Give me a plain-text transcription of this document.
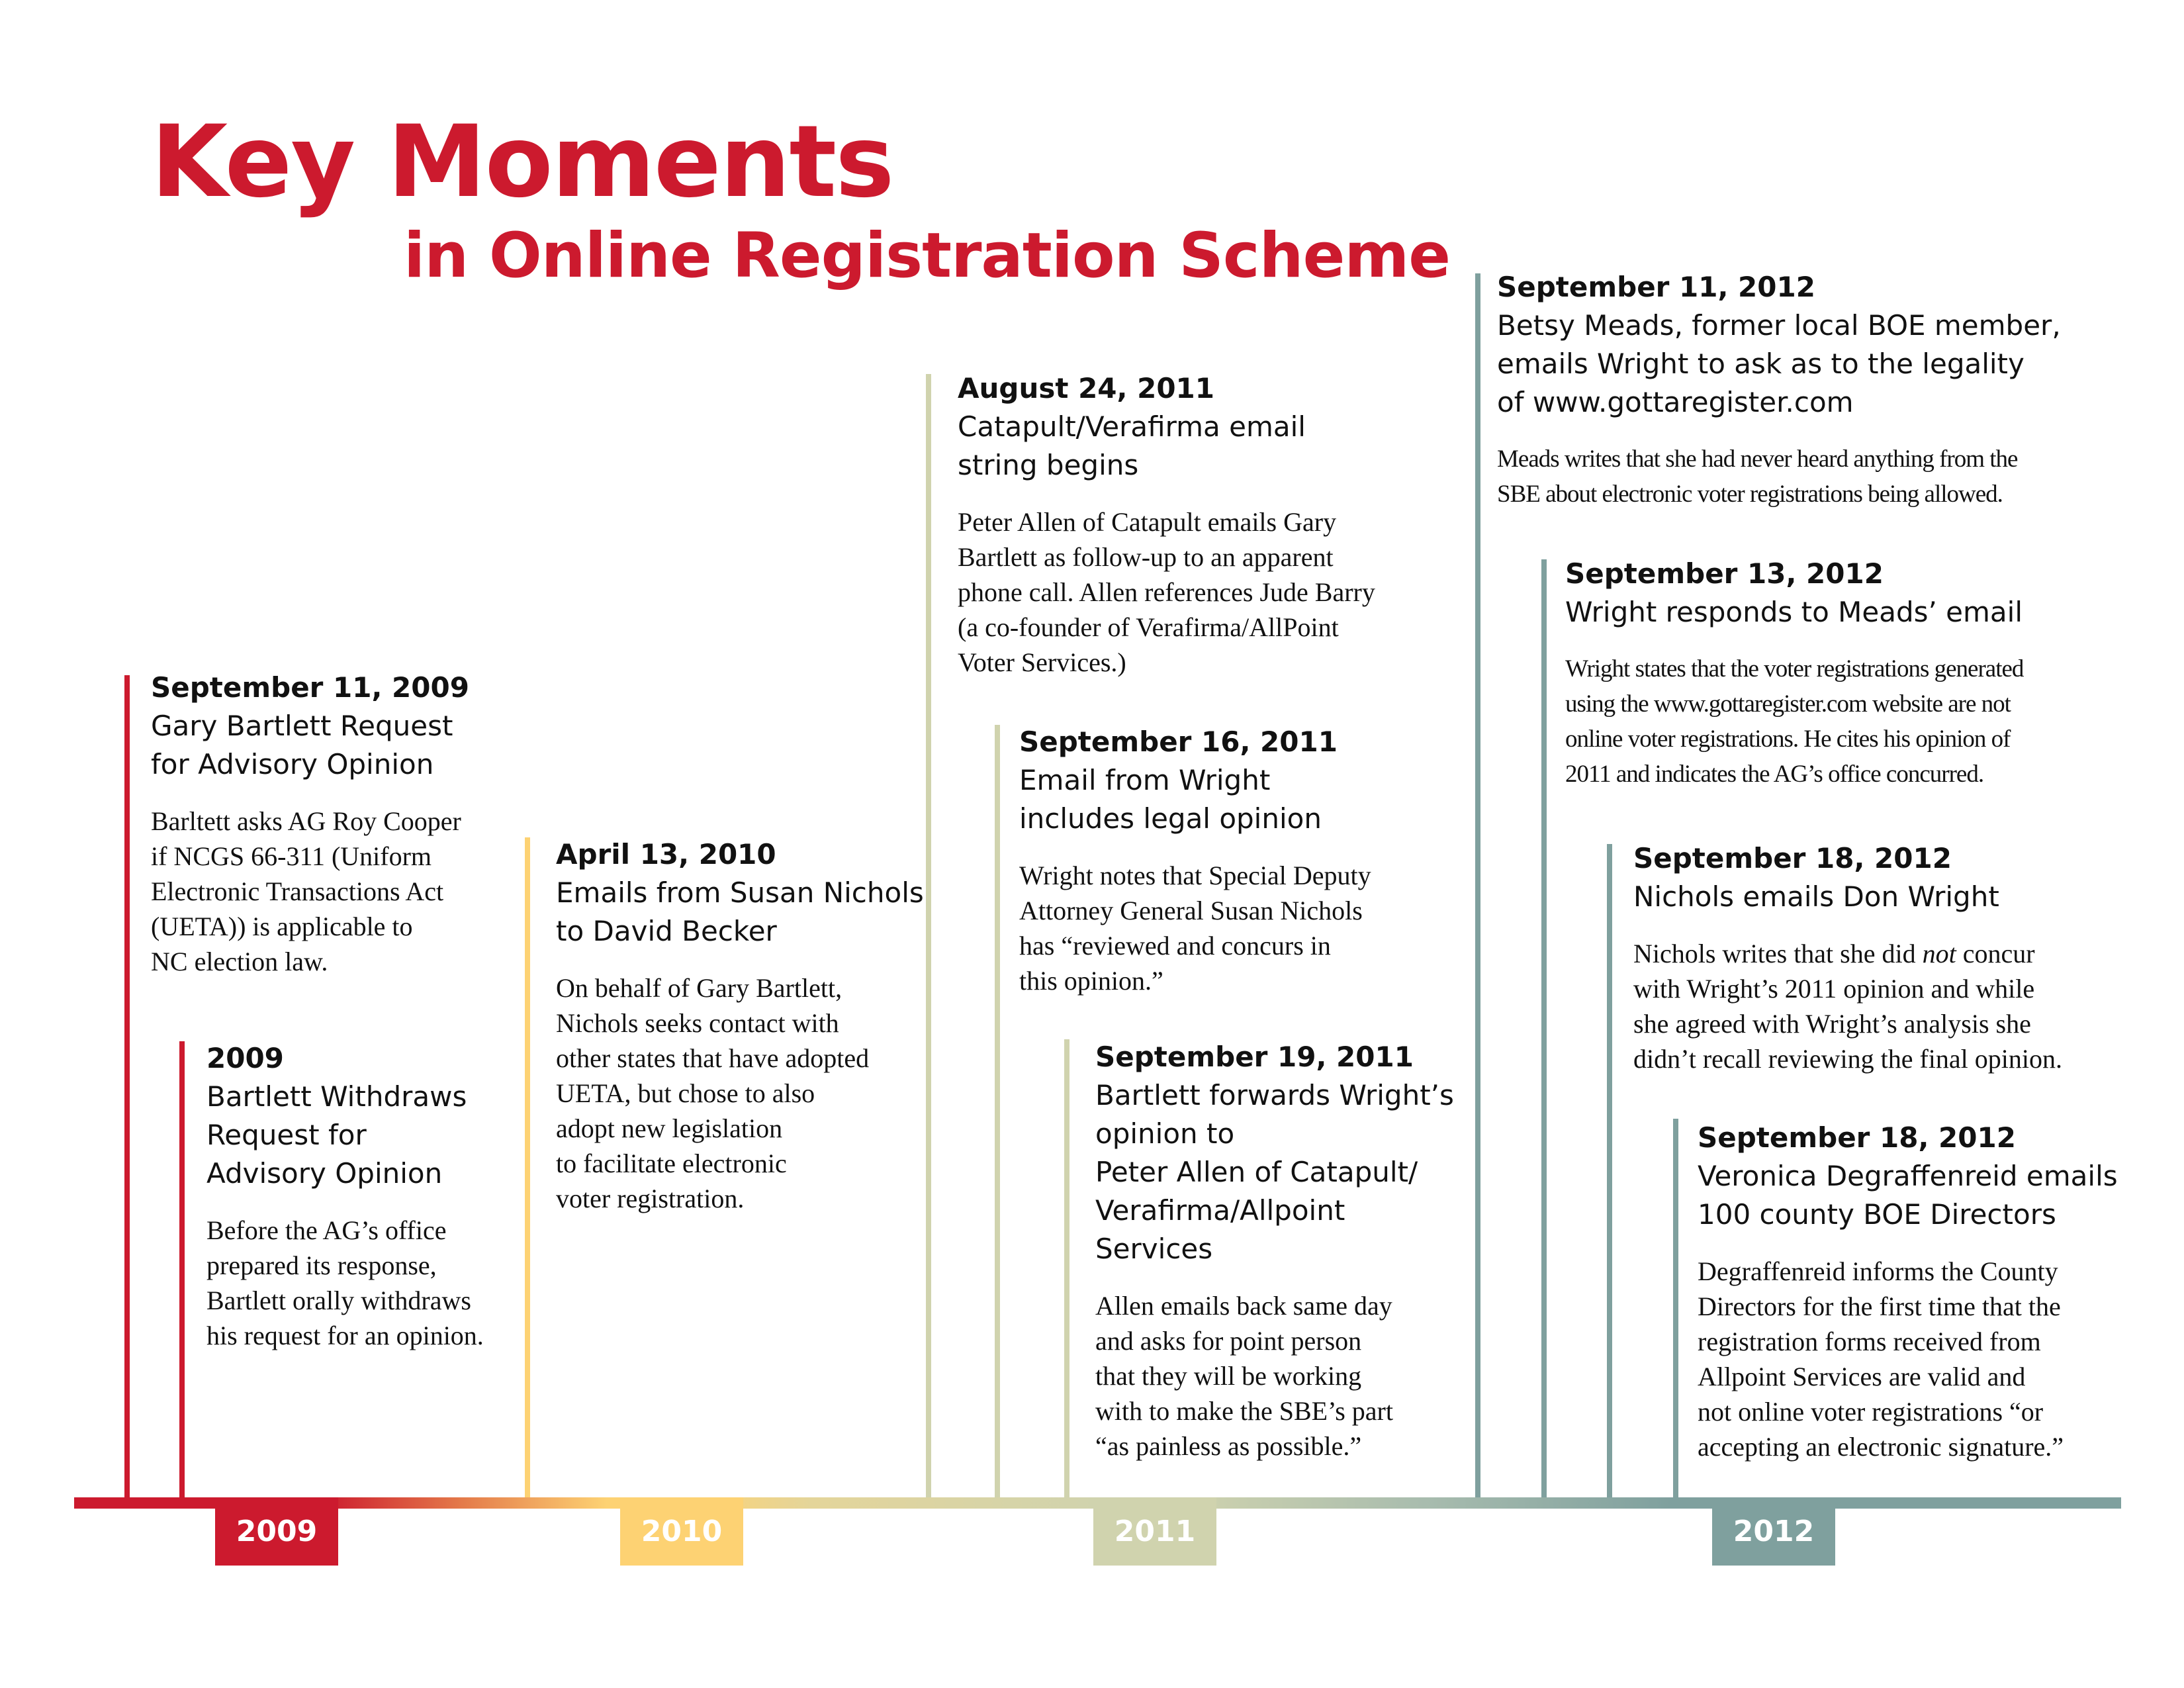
Key Moments
in Online Registration Scheme
September 11, 2009
Gary Bartlett Request
for Advisory Opinion
Barltett asks AG Roy Cooper
if NCGS 66-311 (Uniform
Electronic Transactions Act
(UETA)) is applicable to
NC election law.
2009
Bartlett Withdraws
Request for
Advisory Opinion
Before the AG’s office
prepared its response,
Bartlett orally withdraws
his request for an opinion.
April 13, 2010
Emails from Susan Nichols
to David Becker
On behalf of Gary Bartlett,
Nichols seeks contact with
other states that have adopted
UETA, but chose to also
adopt new legislation
to facilitate electronic
voter registration.
August 24, 2011
Catapult/Verafirma email
string begins
Peter Allen of Catapult emails Gary
Bartlett as follow-up to an apparent
phone call. Allen references Jude Barry
(a co-founder of Verafirma/AllPoint
Voter Services.)
September 16, 2011
Email from Wright
includes legal opinion
Wright notes that Special Deputy
Attorney General Susan Nichols
has “reviewed and concurs in
this opinion.”
September 19, 2011
Bartlett forwards Wright’s
opinion to
Peter Allen of Catapult/
Verafirma/Allpoint Services
Allen emails back same day
and asks for point person
that they will be working
with to make the SBE’s part
“as painless as possible.”
September 11, 2012
Betsy Meads, former local BOE member,
emails Wright to ask as to the legality
of www.gottaregister.com
Meads writes that she had never heard anything from the
SBE about electronic voter registrations being allowed.
September 13, 2012
Wright responds to Meads’ email
Wright states that the voter registrations generated
using the www.gottaregister.com website are not
online voter registrations. He cites his opinion of
2011 and indicates the AG’s office concurred.
September 18, 2012
Nichols emails Don Wright
Nichols writes that she did not concur
with Wright’s 2011 opinion and while
she agreed with Wright’s analysis she
didn’t recall reviewing the final opinion.
September 18, 2012
Veronica Degraffenreid emails
100 county BOE Directors
Degraffenreid informs the County
Directors for the first time that the
registration forms received from
Allpoint Services are valid and
not online voter registrations “or
accepting an electronic signature.”
2009	2010	2011	2012
